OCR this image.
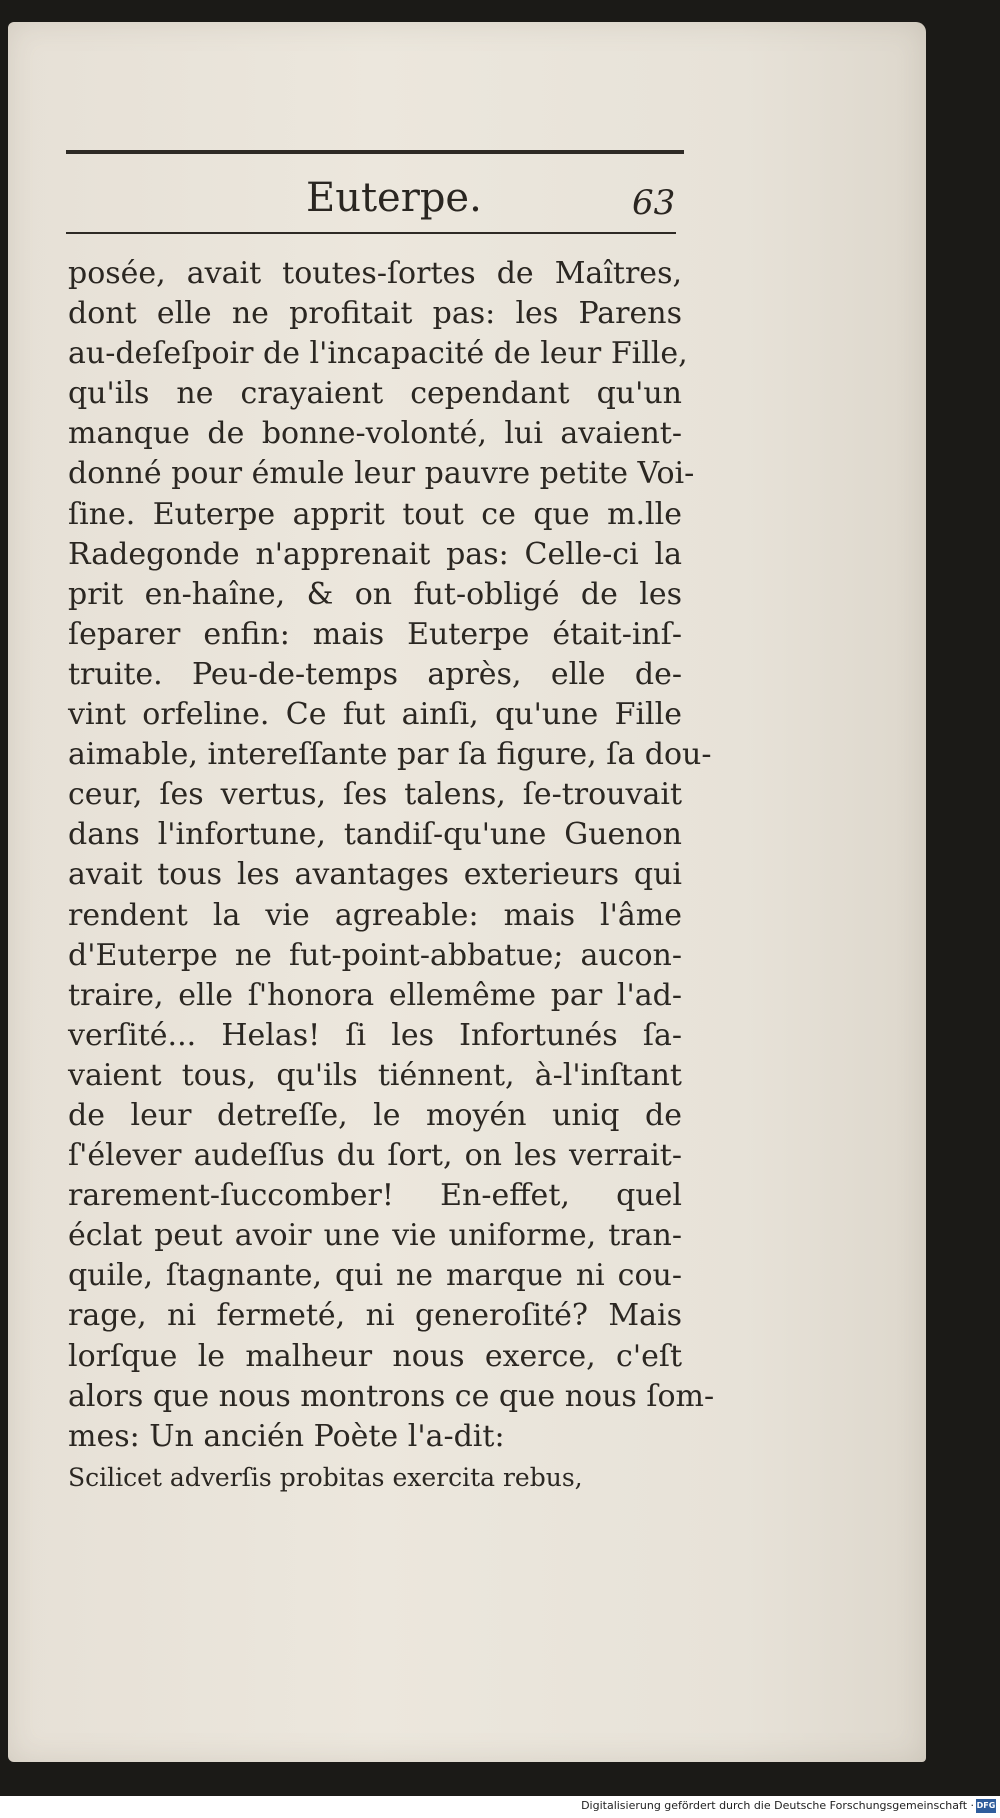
Euterpe.	63
posée, avait toutes-ſortes de Maîtres,
dont elle ne profitait pas: les Parens
au-deſeſpoir de l'incapacité de leur Fille,
qu'ils ne crayaient cependant qu'un
manque de bonne-volonté, lui avaient-
donné pour émule leur pauvre petite Voi-
ſine. Euterpe apprit tout ce que m.lle
Radegonde n'apprenait pas: Celle-ci la
prit en-haîne, & on fut-obligé de les
ſeparer enfin: mais Euterpe était-inſ-
truite. Peu-de-temps après, elle de-
vint orfeline. Ce fut ainſi, qu'une Fille
aimable, intereſſante par ſa figure, ſa dou-
ceur, ſes vertus, ſes talens, ſe-trouvait
dans l'infortune, tandiſ-qu'une Guenon
avait tous les avantages exterieurs qui
rendent la vie agreable: mais l'âme
d'Euterpe ne fut-point-abbatue; aucon-
traire, elle ſ'honora ellemême par l'ad-
verſité... Helas! ſi les Infortunés ſa-
vaient tous, qu'ils tiénnent, à-l'inſtant
de leur detreſſe, le moyén uniq de
ſ'élever audeſſus du ſort, on les verrait-
rarement-ſuccomber! En-effet, quel
éclat peut avoir une vie uniforme, tran-
quile, ſtagnante, qui ne marque ni cou-
rage, ni fermeté, ni generoſité? Mais
lorſque le malheur nous exerce, c'eſt
alors que nous montrons ce que nous ſom-
mes: Un ancién Poète l'a-dit:
Scilicet adverſis probitas exercita rebus,
Digitalisierung gefördert durch die Deutsche Forschungsgemeinschaft · DFG
